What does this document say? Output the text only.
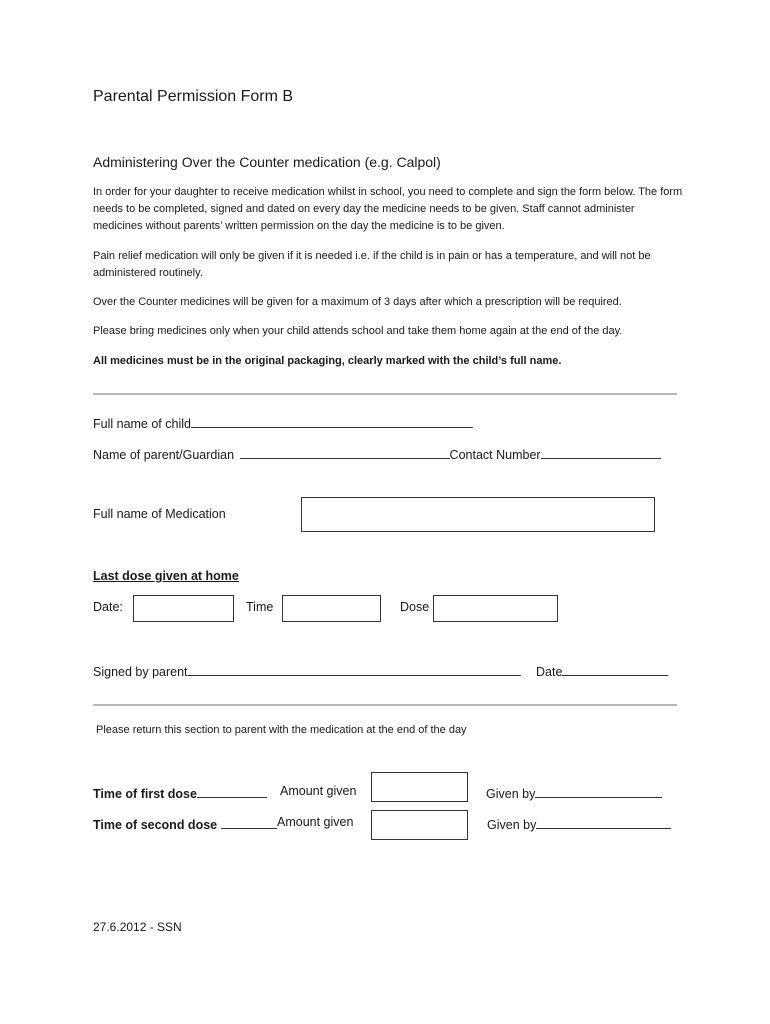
Parental Permission Form B
Administering Over the Counter medication (e.g. Calpol)
In order for your daughter to receive medication whilst in school, you need to complete and sign the form below. The form needs to be completed, signed and dated on every day the medicine needs to be given. Staff cannot administer medicines without parents’ written permission on the day the medicine is to be given.
Pain relief medication will only be given if it is needed i.e. if the child is in pain or has a temperature, and will not be administered routinely.
Over the Counter medicines will be given for a maximum of 3 days after which a prescription will be required.
Please bring medicines only when your child attends school and take them home again at the end of the day.
All medicines must be in the original packaging, clearly marked with the child’s full name.
Full name of child
Name of parent/Guardian	Contact Number
Full name of Medication
Last dose given at home
Date:	Time	Dose
Signed by parent	Date
Please return this section to parent with the medication at the end of the day
Time of first dose	Amount given	Given by
Time of second dose	Amount given	Given by
27.6.2012 - SSN
